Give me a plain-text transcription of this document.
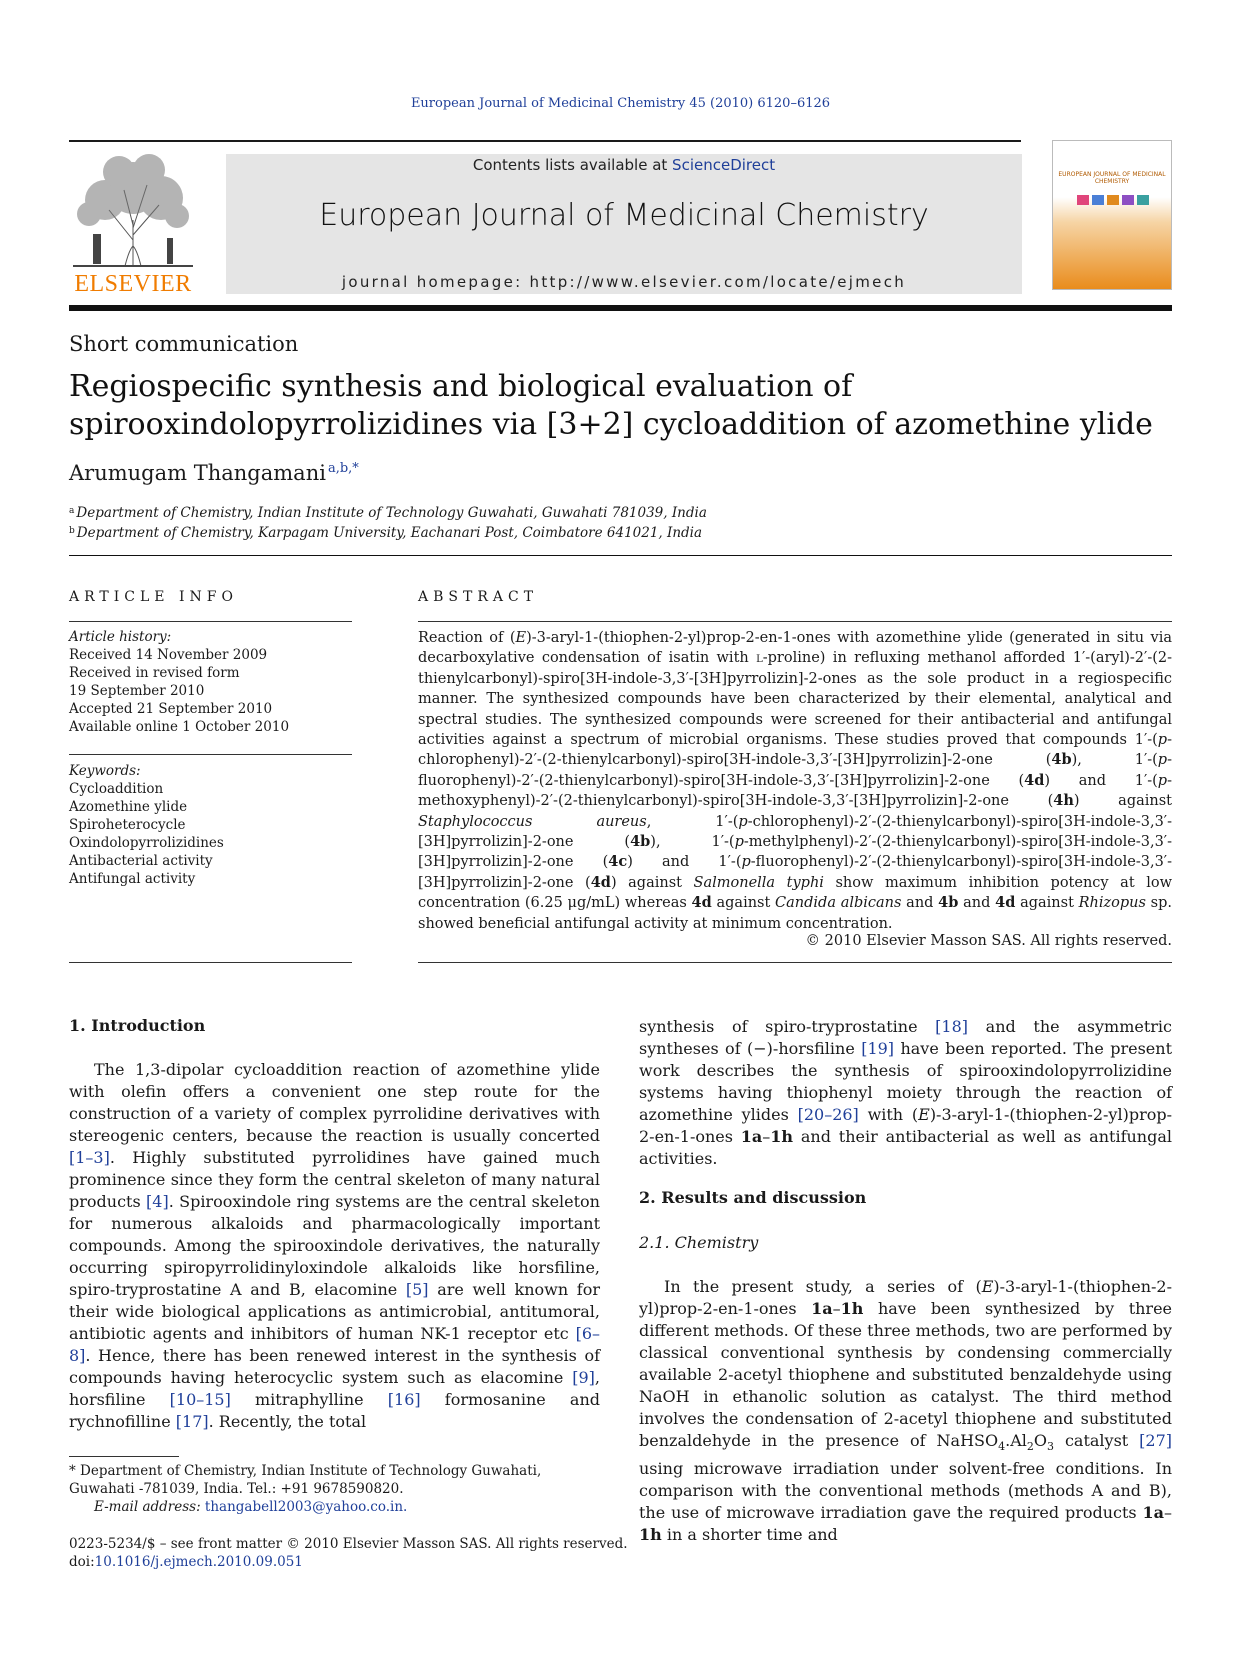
European Journal of Medicinal Chemistry 45 (2010) 6120–6126
ELSEVIER
Contents lists available at ScienceDirect
European Journal of Medicinal Chemistry
journal homepage: http://www.elsevier.com/locate/ejmech
EUROPEAN JOURNAL OF MEDICINAL CHEMISTRY
Short communication
Regiospecific synthesis and biological evaluation of spirooxindolopyrrolizidines via [3+2] cycloaddition of azomethine ylide
Arumugam Thangamani $^{a,b,*}$
$^a$ Department of Chemistry, Indian Institute of Technology Guwahati, Guwahati 781039, India
$^b$ Department of Chemistry, Karpagam University, Eachanari Post, Coimbatore 641021, India
ARTICLE INFO	ABSTRACT
Article history:
Received 14 November 2009
Received in revised form
19 September 2010
Accepted 21 September 2010
Available online 1 October 2010
Keywords:
Cycloaddition
Azomethine ylide
Spiroheterocycle
Oxindolopyrrolizidines
Antibacterial activity
Antifungal activity
Reaction of (E)-3-aryl-1-(thiophen-2-yl)prop-2-en-1-ones with azomethine ylide (generated in situ via decarboxylative condensation of isatin with l-proline) in refluxing methanol afforded 1′-(aryl)-2′-(2-thienylcarbonyl)-spiro[3H-indole-3,3′-[3H]pyrrolizin]-2-ones as the sole product in a regiospecific manner. The synthesized compounds have been characterized by their elemental, analytical and spectral studies. The synthesized compounds were screened for their antibacterial and antifungal activities against a spectrum of microbial organisms. These studies proved that compounds 1′-(p-chlorophenyl)-2′-(2-thienylcarbonyl)-spiro[3H-indole-3,3′-[3H]pyrrolizin]-2-one (4b), 1′-(p-fluorophenyl)-2′-(2-thienylcarbonyl)-spiro[3H-indole-3,3′-[3H]pyrrolizin]-2-one (4d) and 1′-(p-methoxyphenyl)-2′-(2-thienylcarbonyl)-spiro[3H-indole-3,3′-[3H]pyrrolizin]-2-one (4h) against Staphylococcus aureus, 1′-(p-chlorophenyl)-2′-(2-thienylcarbonyl)-spiro[3H-indole-3,3′-[3H]pyrrolizin]-2-one (4b), 1′-(p-methylphenyl)-2′-(2-thienylcarbonyl)-spiro[3H-indole-3,3′-[3H]pyrrolizin]-2-one (4c) and 1′-(p-fluorophenyl)-2′-(2-thienylcarbonyl)-spiro[3H-indole-3,3′-[3H]pyrrolizin]-2-one (4d) against Salmonella typhi show maximum inhibition potency at low concentration (6.25 μg/mL) whereas 4d against Candida albicans and 4b and 4d against Rhizopus sp. showed beneficial antifungal activity at minimum concentration.
© 2010 Elsevier Masson SAS. All rights reserved.
1. Introduction
The 1,3-dipolar cycloaddition reaction of azomethine ylide with olefin offers a convenient one step route for the construction of a variety of complex pyrrolidine derivatives with stereogenic centers, because the reaction is usually concerted [1–3]. Highly substituted pyrrolidines have gained much prominence since they form the central skeleton of many natural products [4]. Spirooxindole ring systems are the central skeleton for numerous alkaloids and pharmacologically important compounds. Among the spirooxindole derivatives, the naturally occurring spiropyrrolidinyloxindole alkaloids like horsfiline, spiro-tryprostatine A and B, elacomine [5] are well known for their wide biological applications as antimicrobial, antitumoral, antibiotic agents and inhibitors of human NK-1 receptor etc [6–8]. Hence, there has been renewed interest in the synthesis of compounds having heterocyclic system such as elacomine [9], horsfiline [10–15] mitraphylline [16] formosanine and rychnofilline [17]. Recently, the total
synthesis of spiro-tryprostatine [18] and the asymmetric syntheses of (−)-horsfiline [19] have been reported. The present work describes the synthesis of spirooxindolopyrrolizidine systems having thiophenyl moiety through the reaction of azomethine ylides [20–26] with (E)-3-aryl-1-(thiophen-2-yl)prop-2-en-1-ones 1a–1h and their antibacterial as well as antifungal activities.
2. Results and discussion
2.1. Chemistry
In the present study, a series of (E)-3-aryl-1-(thiophen-2-yl)prop-2-en-1-ones 1a–1h have been synthesized by three different methods. Of these three methods, two are performed by classical conventional synthesis by condensing commercially available 2-acetyl thiophene and substituted benzaldehyde using NaOH in ethanolic solution as catalyst. The third method involves the condensation of 2-acetyl thiophene and substituted benzaldehyde in the presence of $NaHSO_4.Al_2O_3$ catalyst [27] using microwave irradiation under solvent-free conditions. In comparison with the conventional methods (methods A and B), the use of microwave irradiation gave the required products 1a–1h in a shorter time and
* Department of Chemistry, Indian Institute of Technology Guwahati, Guwahati -781039, India. Tel.: +91 9678590820.
E-mail address: thangabell2003@yahoo.co.in.
0223-5234/$ – see front matter © 2010 Elsevier Masson SAS. All rights reserved.
doi:10.1016/j.ejmech.2010.09.051
